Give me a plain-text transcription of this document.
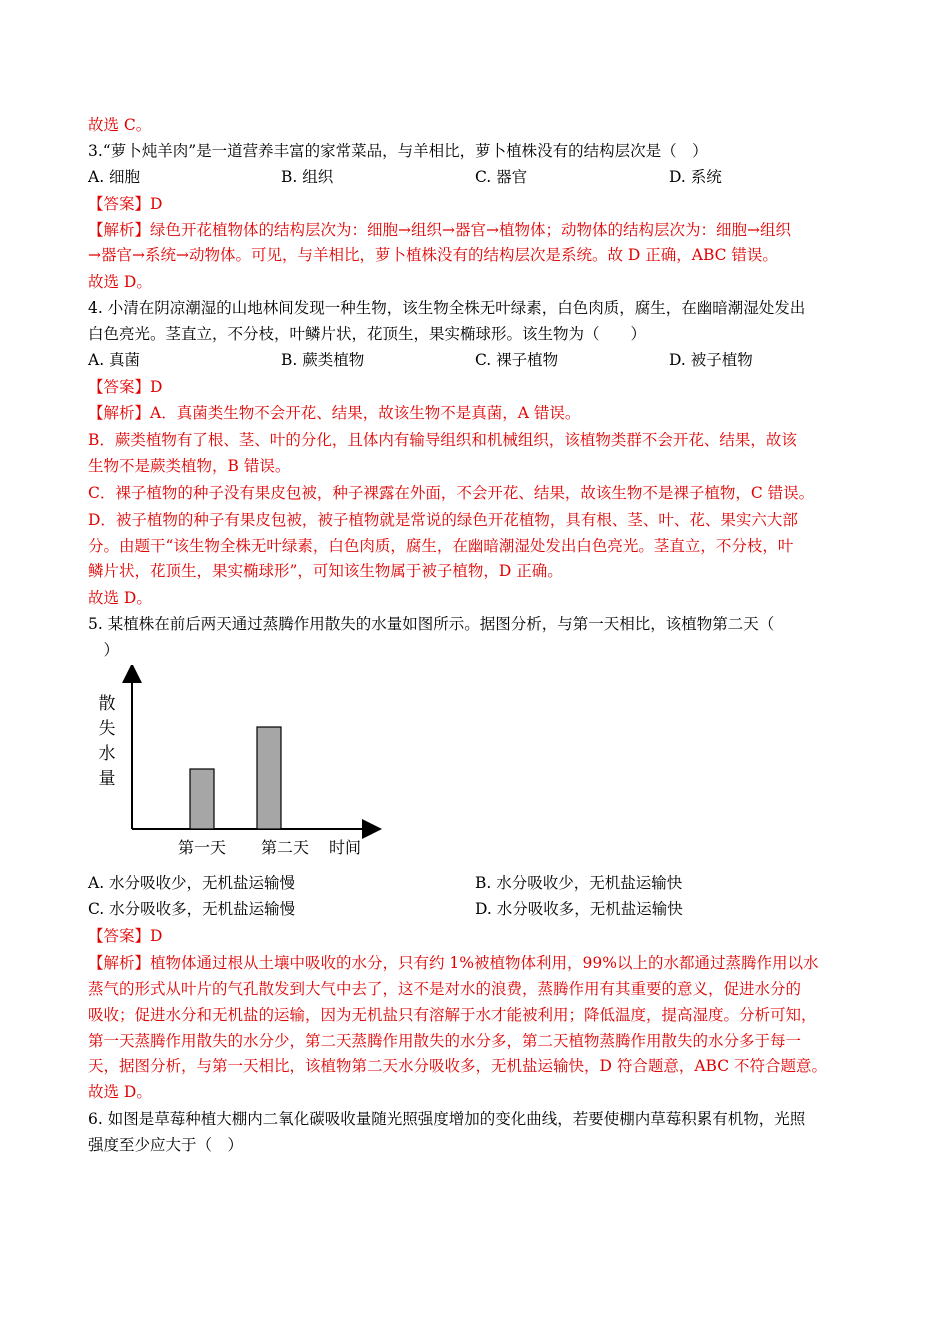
故选 C。
3.“萝卜炖羊肉”是一道营养丰富的家常菜品，与羊相比，萝卜植株没有的结构层次是（　）
A. 细胞	B. 组织	C. 器官	D. 系统
【答案】D
【解析】绿色开花植物体的结构层次为：细胞→组织→器官→植物体；动物体的结构层次为：细胞→组织
→器官→系统→动物体。可见，与羊相比，萝卜植株没有的结构层次是系统。故 D 正确，ABC 错误。
故选 D。
4. 小清在阴凉潮湿的山地林间发现一种生物，该生物全株无叶绿素，白色肉质，腐生，在幽暗潮湿处发出
白色亮光。茎直立，不分枝，叶鳞片状，花顶生，果实椭球形。该生物为（　　）
A. 真菌	B. 蕨类植物	C. 裸子植物	D. 被子植物
【答案】D
【解析】A．真菌类生物不会开花、结果，故该生物不是真菌，A 错误。
B．蕨类植物有了根、茎、叶的分化，且体内有输导组织和机械组织，该植物类群不会开花、结果，故该
生物不是蕨类植物，B 错误。
C．裸子植物的种子没有果皮包被，种子裸露在外面，不会开花、结果，故该生物不是裸子植物，C 错误。
D．被子植物的种子有果皮包被，被子植物就是常说的绿色开花植物，具有根、茎、叶、花、果实六大部
分。由题干“该生物全株无叶绿素，白色肉质，腐生，在幽暗潮湿处发出白色亮光。茎直立，不分枝，叶
鳞片状，花顶生，果实椭球形”，可知该生物属于被子植物，D 正确。
故选 D。
5. 某植株在前后两天通过蒸腾作用散失的水量如图所示。据图分析，与第一天相比，该植物第二天（
　）
散
失
水
量
第一天 第二天 时间
A. 水分吸收少，无机盐运输慢	B. 水分吸收少，无机盐运输快
C. 水分吸收多，无机盐运输慢	D. 水分吸收多，无机盐运输快
【答案】D
【解析】植物体通过根从土壤中吸收的水分，只有约 1%被植物体利用，99%以上的水都通过蒸腾作用以水
蒸气的形式从叶片的气孔散发到大气中去了，这不是对水的浪费，蒸腾作用有其重要的意义，促进水分的
吸收；促进水分和无机盐的运输，因为无机盐只有溶解于水才能被利用；降低温度，提高湿度。分析可知，
第一天蒸腾作用散失的水分少，第二天蒸腾作用散失的水分多，第二天植物蒸腾作用散失的水分多于每一
天，据图分析，与第一天相比，该植物第二天水分吸收多，无机盐运输快，D 符合题意，ABC 不符合题意。
故选 D。
6. 如图是草莓种植大棚内二氧化碳吸收量随光照强度增加的变化曲线，若要使棚内草莓积累有机物，光照
强度至少应大于（　）
